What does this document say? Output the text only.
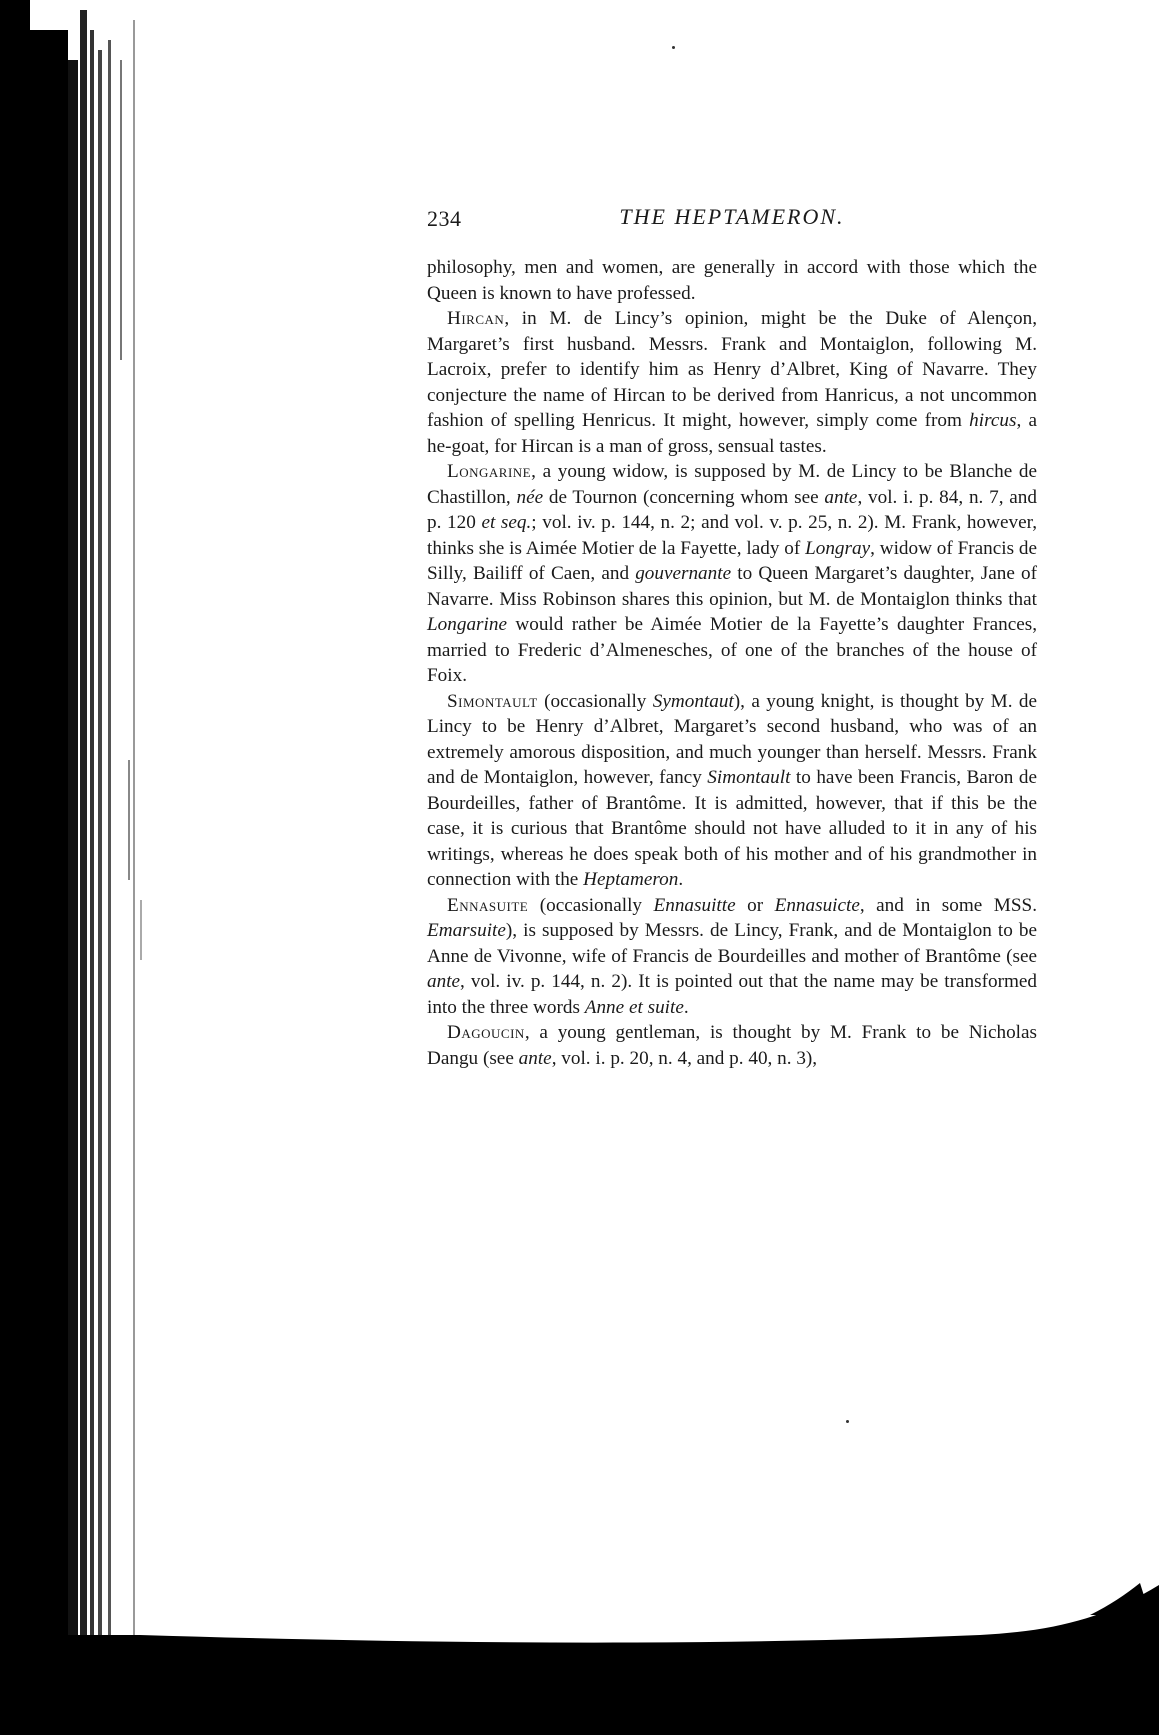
234	THE HEPTAMERON.

philosophy, men and women, are generally in accord with those which the Queen is known to have professed.

Hircan, in M. de Lincy’s opinion, might be the Duke of Alençon, Margaret’s first husband. Messrs. Frank and Montaiglon, following M. Lacroix, prefer to identify him as Henry d’Albret, King of Navarre. They conjecture the name of Hircan to be derived from Hanricus, a not uncommon fashion of spelling Henricus. It might, however, simply come from hircus, a he-goat, for Hircan is a man of gross, sensual tastes.

Longarine, a young widow, is supposed by M. de Lincy to be Blanche de Chastillon, née de Tournon (concerning whom see ante, vol. i. p. 84, n. 7, and p. 120 et seq.; vol. iv. p. 144, n. 2; and vol. v. p. 25, n. 2). M. Frank, however, thinks she is Aimée Motier de la Fayette, lady of Longray, widow of Francis de Silly, Bailiff of Caen, and gouvernante to Queen Margaret’s daughter, Jane of Navarre. Miss Robinson shares this opinion, but M. de Montaiglon thinks that Longarine would rather be Aimée Motier de la Fayette’s daughter Frances, married to Frederic d’Almenesches, of one of the branches of the house of Foix.

Simontault (occasionally Symontaut), a young knight, is thought by M. de Lincy to be Henry d’Albret, Margaret’s second husband, who was of an extremely amorous disposition, and much younger than herself. Messrs. Frank and de Montaiglon, however, fancy Simontault to have been Francis, Baron de Bourdeilles, father of Brantôme. It is admitted, however, that if this be the case, it is curious that Brantôme should not have alluded to it in any of his writings, whereas he does speak both of his mother and of his grandmother in connection with the Heptameron.

Ennasuite (occasionally Ennasuitte or Ennasuicte, and in some MSS. Emarsuite), is supposed by Messrs. de Lincy, Frank, and de Montaiglon to be Anne de Vivonne, wife of Francis de Bourdeilles and mother of Brantôme (see ante, vol. iv. p. 144, n. 2). It is pointed out that the name may be transformed into the three words Anne et suite.

Dagoucin, a young gentleman, is thought by M. Frank to be Nicholas Dangu (see ante, vol. i. p. 20, n. 4, and p. 40, n. 3),
